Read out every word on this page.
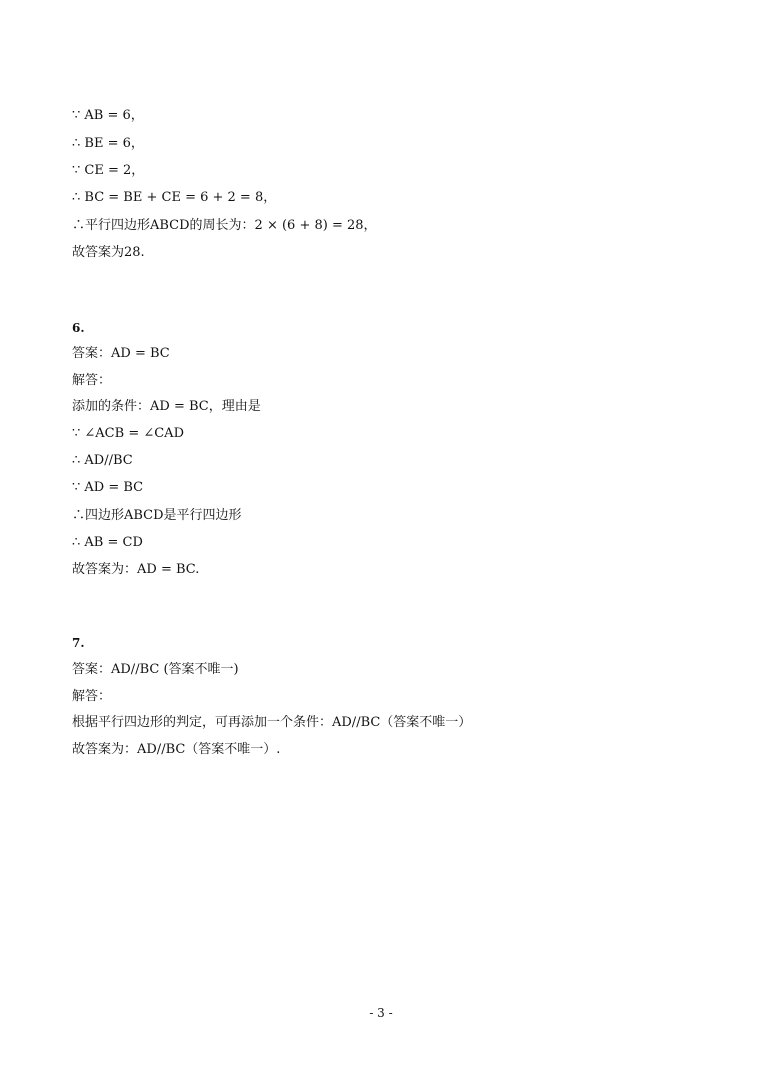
∵ AB = 6，
∴ BE = 6，
∵ CE = 2，
∴ BC = BE + CE = 6 + 2 = 8，
∴平行四边形ABCD的周长为：2 × (6 + 8) = 28，
故答案为28.
6.
答案：AD = BC
解答：
添加的条件：AD = BC，理由是
∵ ∠ACB = ∠CAD
∴ AD//BC
∵ AD = BC
∴四边形ABCD是平行四边形
∴ AB = CD
故答案为：AD = BC.
7.
答案：AD//BC (答案不唯一)
解答：
根据平行四边形的判定，可再添加一个条件：AD//BC（答案不唯一）
故答案为：AD//BC（答案不唯一）.
- 3 -
